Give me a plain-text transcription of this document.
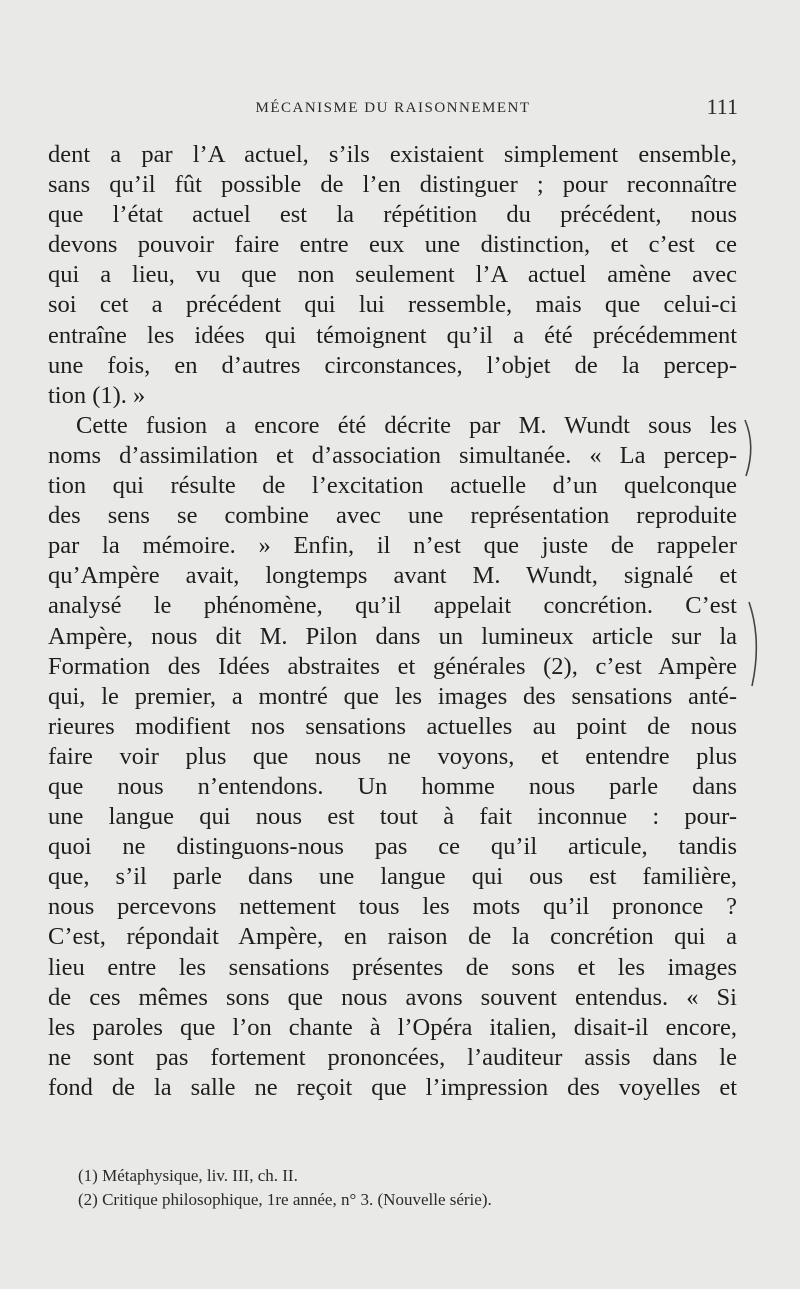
MÉCANISME DU RAISONNEMENT	111
dent a par l’A actuel, s’ils existaient simplement ensemble,
sans qu’il fût possible de l’en distinguer ; pour reconnaître
que l’état actuel est la répétition du précédent, nous
devons pouvoir faire entre eux une distinction, et c’est ce
qui a lieu, vu que non seulement l’A actuel amène avec
soi cet a précédent qui lui ressemble, mais que celui-ci
entraîne les idées qui témoignent qu’il a été précédemment
une fois, en d’autres circonstances, l’objet de la percep-
tion (1). »
Cette fusion a encore été décrite par M. Wundt sous les
noms d’assimilation et d’association simultanée. « La percep-
tion qui résulte de l’excitation actuelle d’un quelconque
des sens se combine avec une représentation reproduite
par la mémoire. » Enfin, il n’est que juste de rappeler
qu’Ampère avait, longtemps avant M. Wundt, signalé et
analysé le phénomène, qu’il appelait concrétion. C’est
Ampère, nous dit M. Pilon dans un lumineux article sur la
Formation des Idées abstraites et générales (2), c’est Ampère
qui, le premier, a montré que les images des sensations anté-
rieures modifient nos sensations actuelles au point de nous
faire voir plus que nous ne voyons, et entendre plus
que nous n’entendons. Un homme nous parle dans
une langue qui nous est tout à fait inconnue : pour-
quoi ne distinguons-nous pas ce qu’il articule, tandis
que, s’il parle dans une langue qui ous est familière,
nous percevons nettement tous les mots qu’il prononce ?
C’est, répondait Ampère, en raison de la concrétion qui a
lieu entre les sensations présentes de sons et les images
de ces mêmes sons que nous avons souvent entendus. « Si
les paroles que l’on chante à l’Opéra italien, disait-il encore,
ne sont pas fortement prononcées, l’auditeur assis dans le
fond de la salle ne reçoit que l’impression des voyelles et
(1) Métaphysique, liv. III, ch. II.
(2) Critique philosophique, 1re année, n° 3. (Nouvelle série).
